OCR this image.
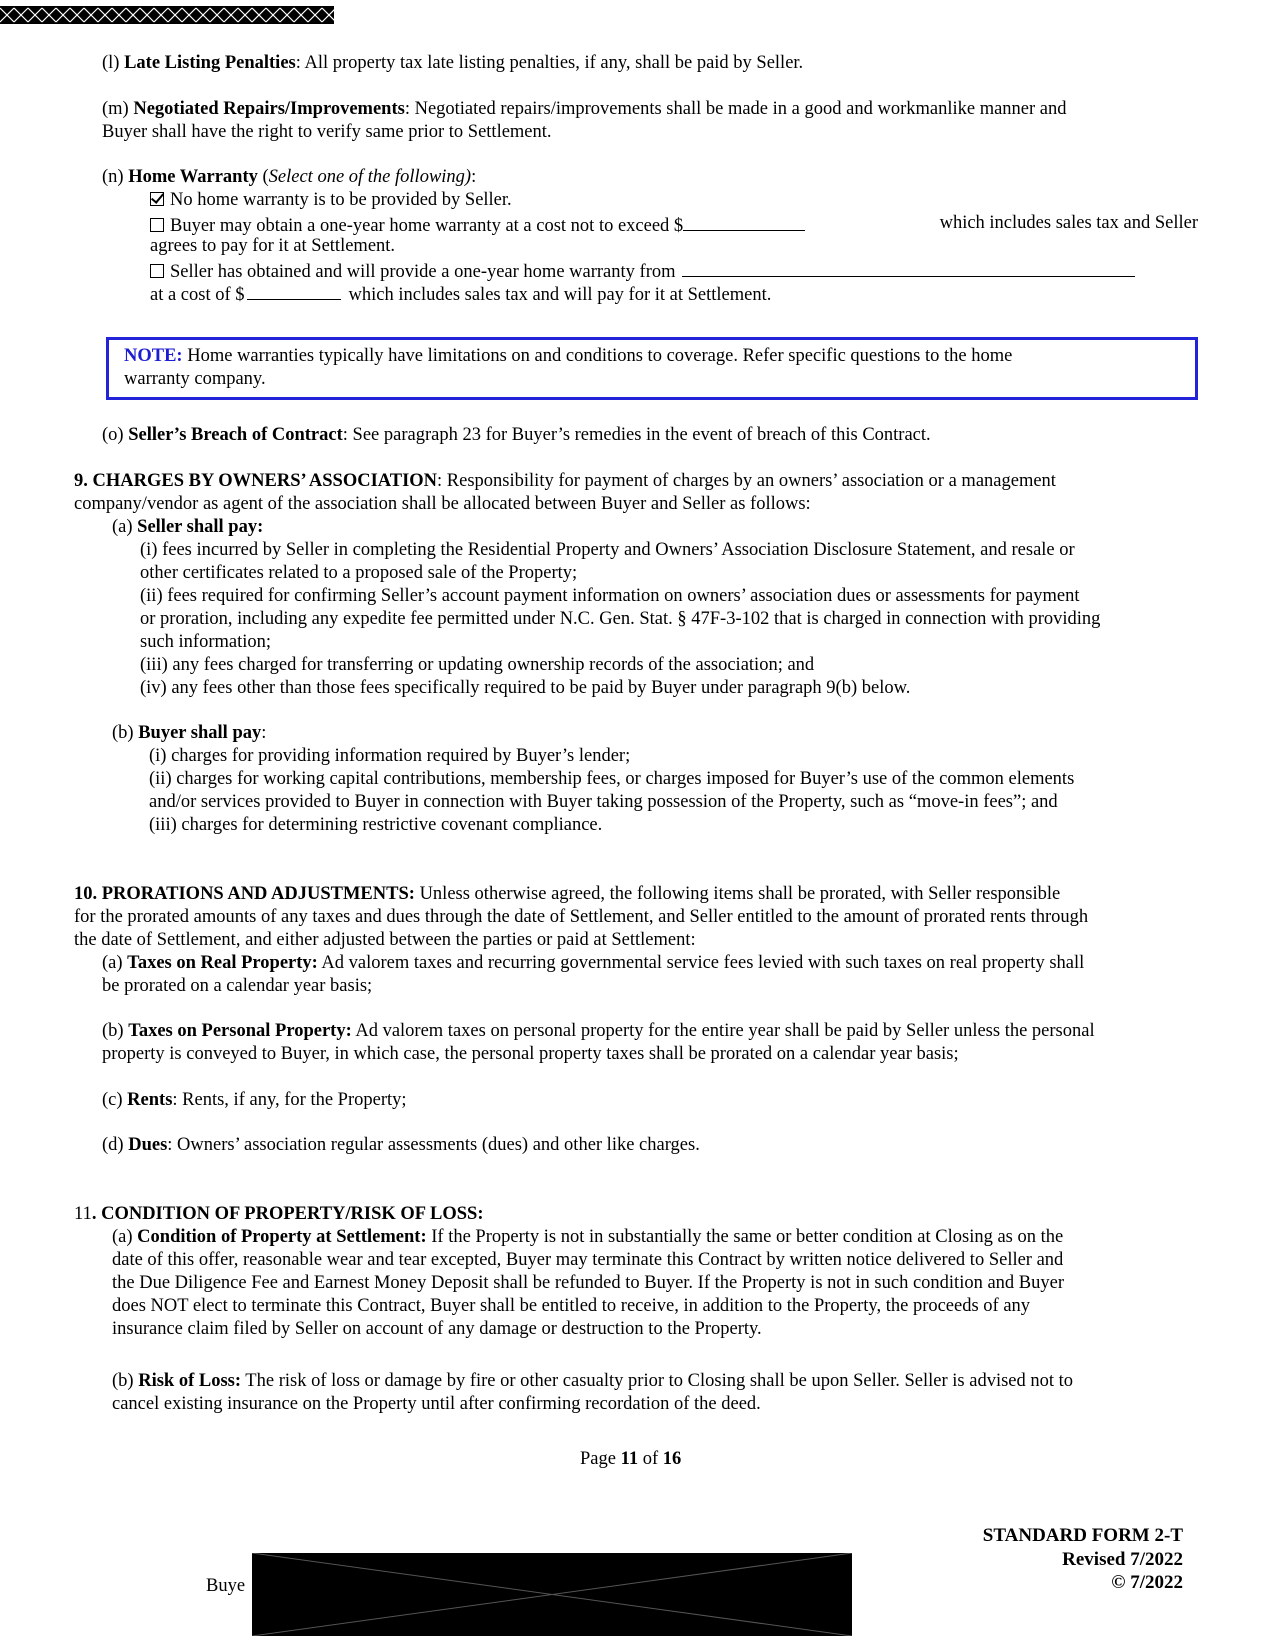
(l) Late Listing Penalties: All property tax late listing penalties, if any, shall be paid by Seller.
(m) Negotiated Repairs/Improvements: Negotiated repairs/improvements shall be made in a good and workmanlike manner and
Buyer shall have the right to verify same prior to Settlement.
(n) Home Warranty (Select one of the following):
No home warranty is to be provided by Seller.
Buyer may obtain a one-year home warranty at a cost not to exceed $	which includes sales tax and Seller
agrees to pay for it at Settlement.
Seller has obtained and will provide a one-year home warranty from
at a cost of $	which includes sales tax and will pay for it at Settlement.
NOTE: Home warranties typically have limitations on and conditions to coverage. Refer specific questions to the home
warranty company.
(o) Seller’s Breach of Contract: See paragraph 23 for Buyer’s remedies in the event of breach of this Contract.
9. CHARGES BY OWNERS’ ASSOCIATION: Responsibility for payment of charges by an owners’ association or a management
company/vendor as agent of the association shall be allocated between Buyer and Seller as follows:
(a) Seller shall pay:
(i) fees incurred by Seller in completing the Residential Property and Owners’ Association Disclosure Statement, and resale or
other certificates related to a proposed sale of the Property;
(ii) fees required for confirming Seller’s account payment information on owners’ association dues or assessments for payment
or proration, including any expedite fee permitted under N.C. Gen. Stat. § 47F-3-102 that is charged in connection with providing
such information;
(iii) any fees charged for transferring or updating ownership records of the association; and
(iv) any fees other than those fees specifically required to be paid by Buyer under paragraph 9(b) below.
(b) Buyer shall pay:
(i) charges for providing information required by Buyer’s lender;
(ii) charges for working capital contributions, membership fees, or charges imposed for Buyer’s use of the common elements
and/or services provided to Buyer in connection with Buyer taking possession of the Property, such as “move-in fees”; and
(iii) charges for determining restrictive covenant compliance.
10. PRORATIONS AND ADJUSTMENTS: Unless otherwise agreed, the following items shall be prorated, with Seller responsible
for the prorated amounts of any taxes and dues through the date of Settlement, and Seller entitled to the amount of prorated rents through
the date of Settlement, and either adjusted between the parties or paid at Settlement:
(a) Taxes on Real Property: Ad valorem taxes and recurring governmental service fees levied with such taxes on real property shall
be prorated on a calendar year basis;
(b) Taxes on Personal Property: Ad valorem taxes on personal property for the entire year shall be paid by Seller unless the personal
property is conveyed to Buyer, in which case, the personal property taxes shall be prorated on a calendar year basis;
(c) Rents: Rents, if any, for the Property;
(d) Dues: Owners’ association regular assessments (dues) and other like charges.
11. CONDITION OF PROPERTY/RISK OF LOSS:
(a) Condition of Property at Settlement: If the Property is not in substantially the same or better condition at Closing as on the
date of this offer, reasonable wear and tear excepted, Buyer may terminate this Contract by written notice delivered to Seller and
the Due Diligence Fee and Earnest Money Deposit shall be refunded to Buyer. If the Property is not in such condition and Buyer
does NOT elect to terminate this Contract, Buyer shall be entitled to receive, in addition to the Property, the proceeds of any
insurance claim filed by Seller on account of any damage or destruction to the Property.
(b) Risk of Loss: The risk of loss or damage by fire or other casualty prior to Closing shall be upon Seller. Seller is advised not to
cancel existing insurance on the Property until after confirming recordation of the deed.
Page 11 of 16
Buye
STANDARD FORM 2-T
Revised 7/2022
© 7/2022
